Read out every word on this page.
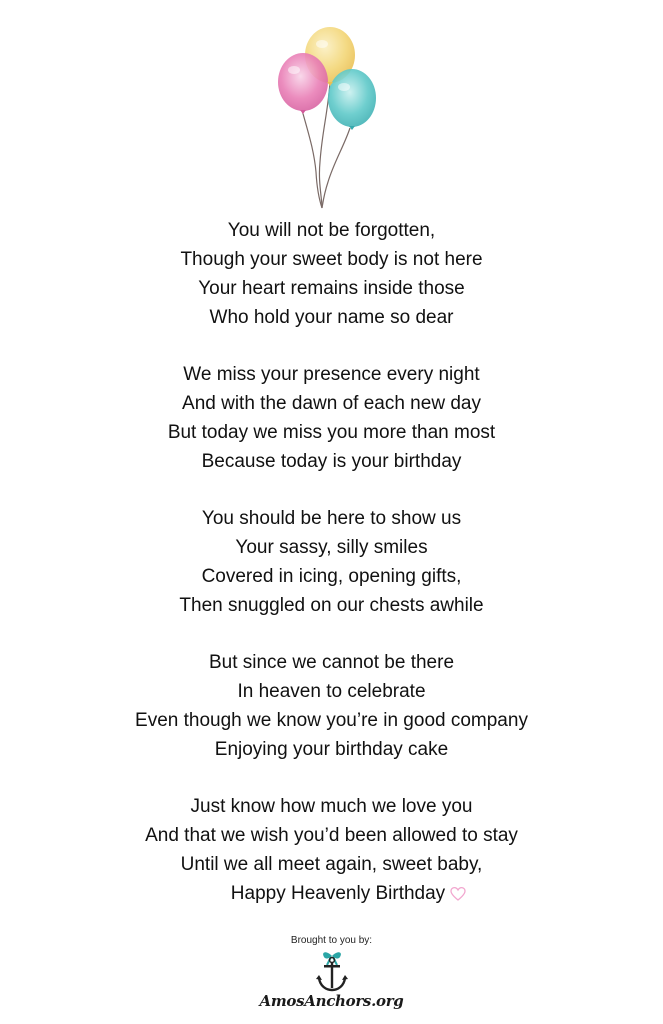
You will not be forgotten,
Though your sweet body is not here
Your heart remains inside those
Who hold your name so dear
We miss your presence every night
And with the dawn of each new day
But today we miss you more than most
Because today is your birthday
You should be here to show us
Your sassy, silly smiles
Covered in icing, opening gifts,
Then snuggled on our chests awhile
But since we cannot be there
In heaven to celebrate
Even though we know you’re in good company
Enjoying your birthday cake
Just know how much we love you
And that we wish you’d been allowed to stay
Until we all meet again, sweet baby,
Happy Heavenly Birthday
Brought to you by:
AmosAnchors.org
